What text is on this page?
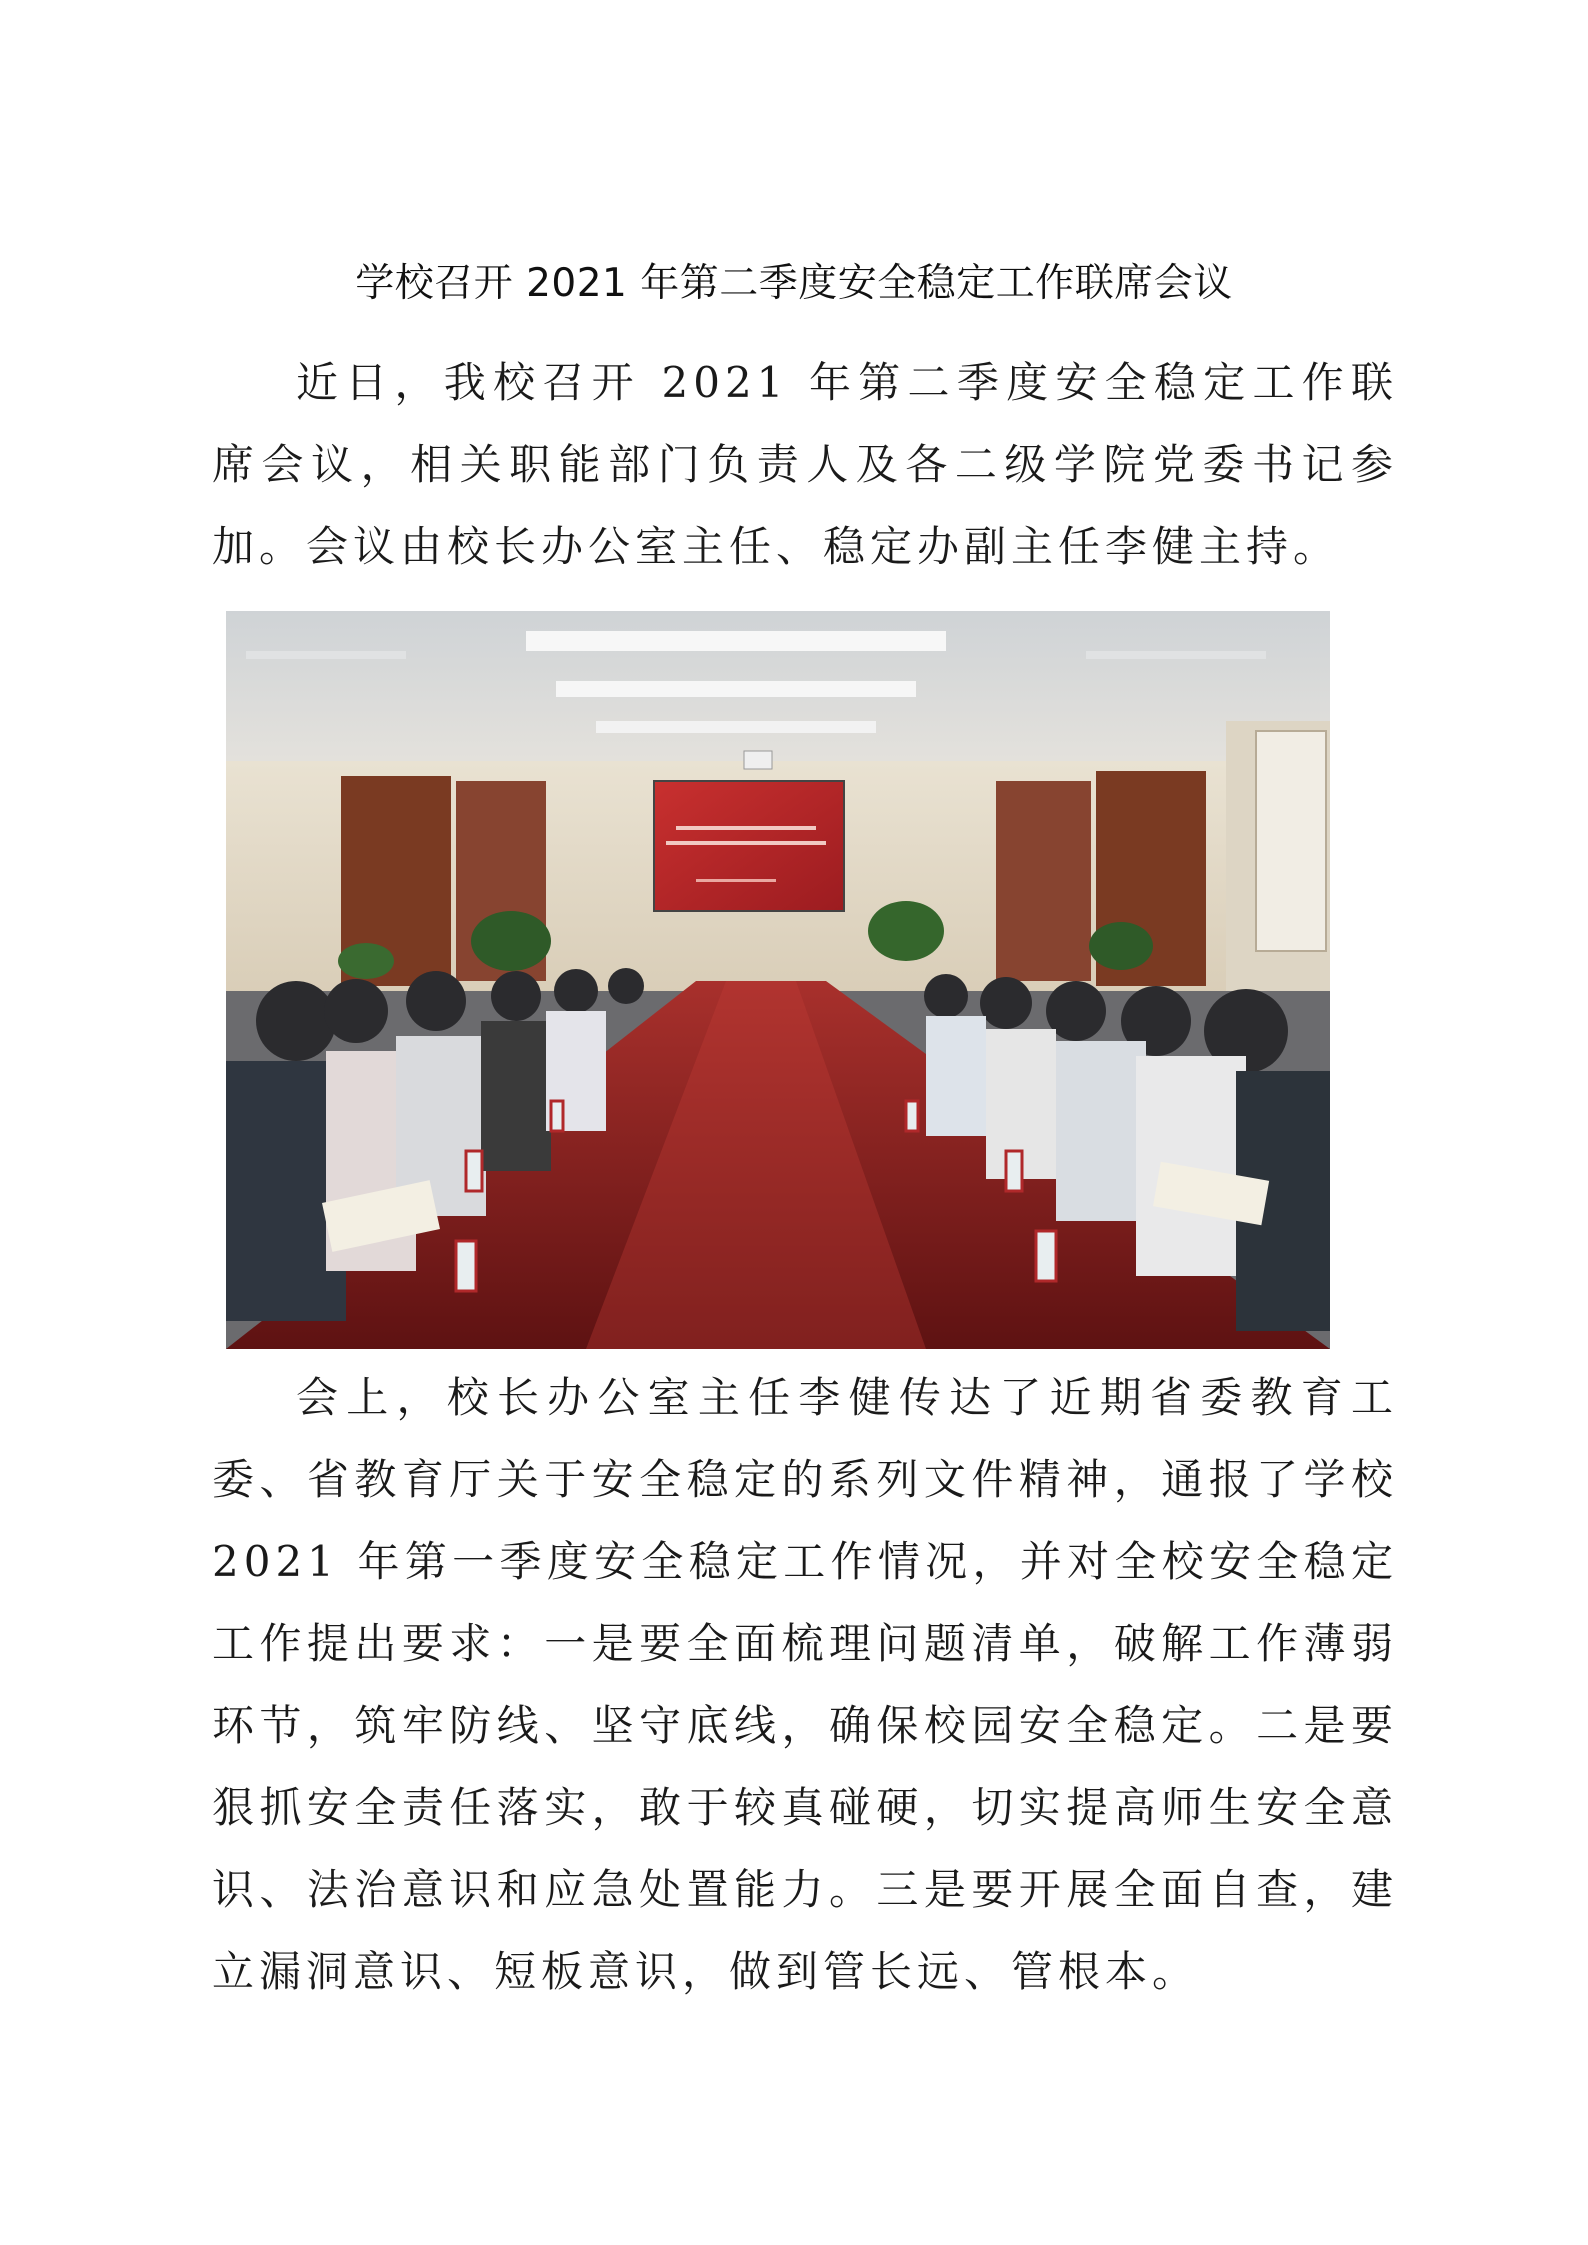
学校召开 2021 年第二季度安全稳定工作联席会议

近日，我校召开 2021 年第二季度安全稳定工作联席会议，相关职能部门负责人及各二级学院党委书记参加。会议由校长办公室主任、稳定办副主任李健主持。

会上，校长办公室主任李健传达了近期省委教育工委、省教育厅关于安全稳定的系列文件精神，通报了学校 2021 年第一季度安全稳定工作情况，并对全校安全稳定工作提出要求：一是要全面梳理问题清单，破解工作薄弱环节，筑牢防线、坚守底线，确保校园安全稳定。二是要狠抓安全责任落实，敢于较真碰硬，切实提高师生安全意识、法治意识和应急处置能力。三是要开展全面自查，建立漏洞意识、短板意识，做到管长远、管根本。
